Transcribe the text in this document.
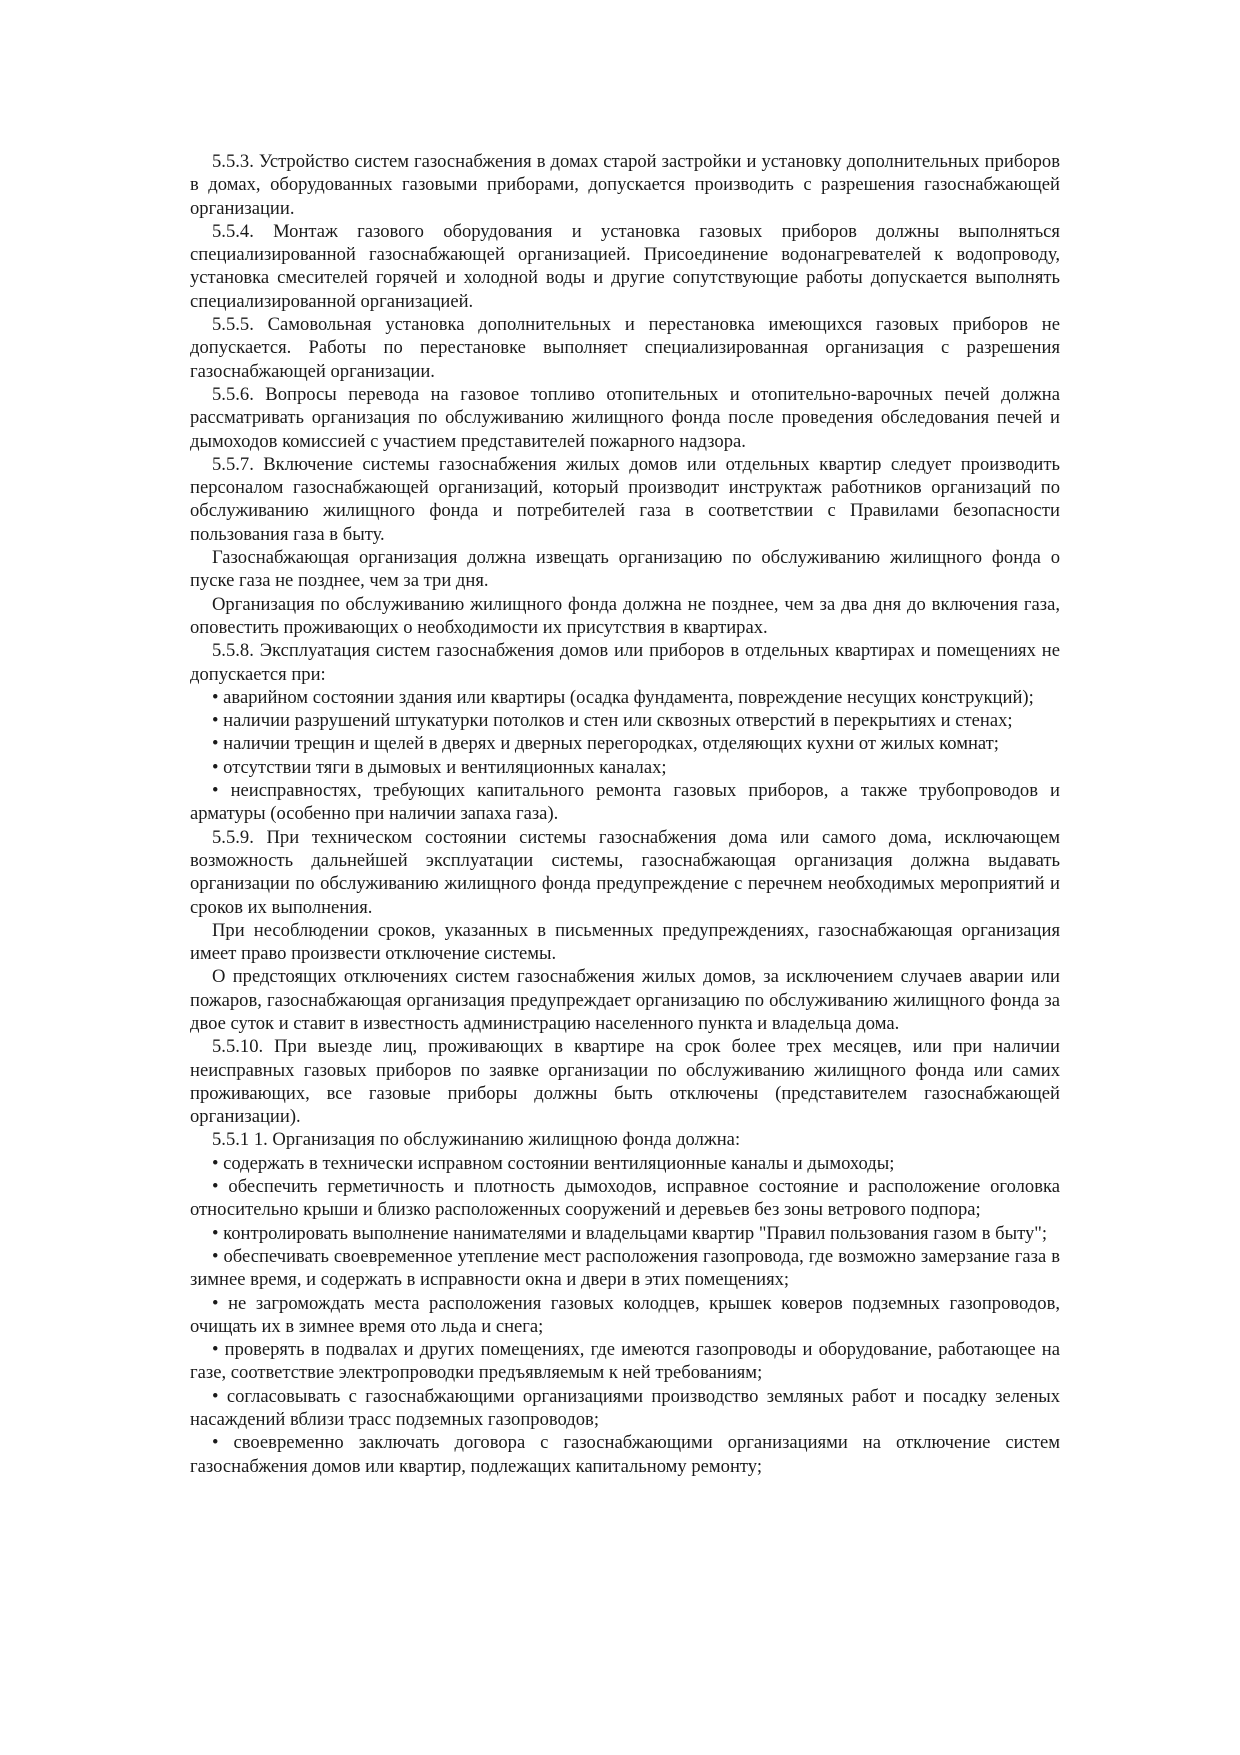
5.5.3. Устройство систем газоснабжения в домах старой застройки и установку дополнительных приборов в домах, оборудованных газовыми приборами, допускается производить с разрешения газоснабжающей организации.

5.5.4. Монтаж газового оборудования и установка газовых приборов должны выполняться специализированной газоснабжающей организацией. Присоединение водонагревателей к водопроводу, установка смесителей горячей и холодной воды и другие сопутствующие работы допускается выполнять специализированной организацией.

5.5.5. Самовольная установка дополнительных и перестановка имеющихся газовых приборов не допускается. Работы по перестановке выполняет специализированная организация с разрешения газоснабжающей организации.

5.5.6. Вопросы перевода на газовое топливо отопительных и отопительно-варочных печей должна рассматривать организация по обслуживанию жилищного фонда после проведения обследования печей и дымоходов комиссией с участием представителей пожарного надзора.

5.5.7. Включение системы газоснабжения жилых домов или отдельных квартир следует производить персоналом газоснабжающей организаций, который производит инструктаж работников организаций по обслуживанию жилищного фонда и потребителей газа в соответствии с Правилами безопасности пользования газа в быту.

Газоснабжающая организация должна извещать организацию по обслуживанию жилищного фонда о пуске газа не позднее, чем за три дня.

Организация по обслуживанию жилищного фонда должна не позднее, чем за два дня до включения газа, оповестить проживающих о необходимости их присутствия в квартирах.

5.5.8. Эксплуатация систем газоснабжения домов или приборов в отдельных квартирах и помещениях не допускается при:

• аварийном состоянии здания или квартиры (осадка фундамента, повреждение несущих конструкций);

• наличии разрушений штукатурки потолков и стен или сквозных отверстий в перекрытиях и стенах;

• наличии трещин и щелей в дверях и дверных перегородках, отделяющих кухни от жилых комнат;

• отсутствии тяги в дымовых и вентиляционных каналах;

• неисправностях, требующих капитального ремонта газовых приборов, а также трубопроводов и арматуры (особенно при наличии запаха газа).

5.5.9. При техническом состоянии системы газоснабжения дома или самого дома, исключающем возможность дальнейшей эксплуатации системы, газоснабжающая организация должна выдавать организации по обслуживанию жилищного фонда предупреждение с перечнем необходимых мероприятий и сроков их выполнения.

При несоблюдении сроков, указанных в письменных предупреждениях, газоснабжающая организация имеет право произвести отключение системы.

О предстоящих отключениях систем газоснабжения жилых домов, за исключением случаев аварии или пожаров, газоснабжающая организация предупреждает организацию по обслуживанию жилищного фонда за двое суток и ставит в известность администрацию населенного пункта и владельца дома.

5.5.10. При выезде лиц, проживающих в квартире на срок более трех месяцев, или при наличии неисправных газовых приборов по заявке организации по обслуживанию жилищного фонда или самих проживающих, все газовые приборы должны быть отключены (представителем газоснабжающей организации).

5.5.1 1. Организация по обслужинанию жилищною фонда должна:

• содержать в технически исправном состоянии вентиляционные каналы и дымоходы;

• обеспечить герметичность и плотность дымоходов, исправное состояние и расположение оголовка относительно крыши и близко расположенных сооружений и деревьев без зоны ветрового подпора;

• контролировать выполнение нанимателями и владельцами квартир "Правил пользования газом в быту";

• обеспечивать своевременное утепление мест расположения газопровода, где возможно замерзание газа в зимнее время, и содержать в исправности окна и двери в этих помещениях;

• не загромождать места расположения газовых колодцев, крышек коверов подземных газопроводов, очищать их в зимнее время ото льда и снега;

• проверять в подвалах и других помещениях, где имеются газопроводы и оборудование, работающее на газе, соответствие электропроводки предъявляемым к ней требованиям;

• согласовывать с газоснабжающими организациями производство земляных работ и посадку зеленых насаждений вблизи трасс подземных газопроводов;

• своевременно заключать договора с газоснабжающими организациями на отключение систем газоснабжения домов или квартир, подлежащих капитальному ремонту;
